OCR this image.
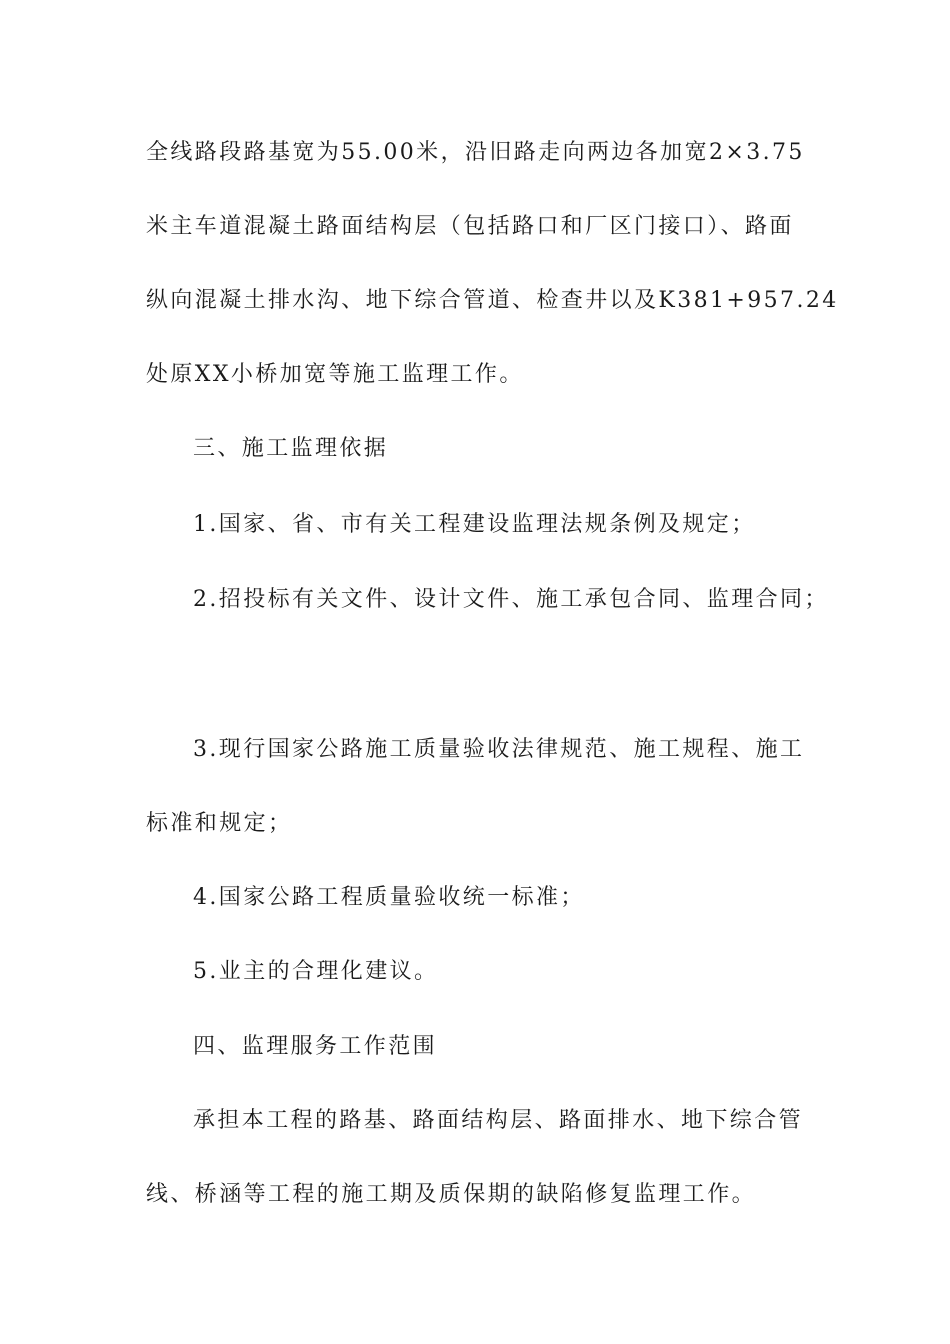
全线路段路基宽为55.00米，沿旧路走向两边各加宽2×3.75
米主车道混凝土路面结构层（包括路口和厂区门接口）、路面
纵向混凝土排水沟、地下综合管道、检查井以及K381+957.24
处原XX小桥加宽等施工监理工作。
三、施工监理依据
1.国家、省、市有关工程建设监理法规条例及规定；
2.招投标有关文件、设计文件、施工承包合同、监理合同；
3.现行国家公路施工质量验收法律规范、施工规程、施工
标准和规定；
4.国家公路工程质量验收统一标准；
5.业主的合理化建议。
四、监理服务工作范围
承担本工程的路基、路面结构层、路面排水、地下综合管
线、桥涵等工程的施工期及质保期的缺陷修复监理工作。
